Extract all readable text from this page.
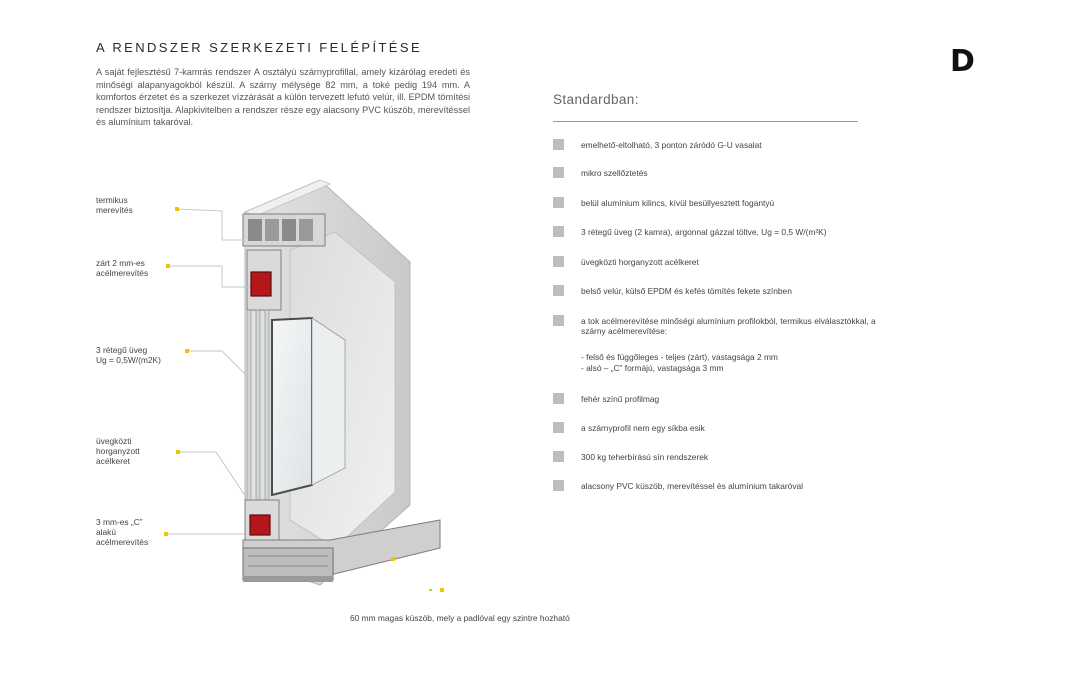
A RENDSZER SZERKEZETI FELÉPÍTÉSE
A saját fejlesztésű 7-kamrás rendszer A osztályú szárnyprofillal, amely kizárólag eredeti és minőségi alapanyagokból készül. A szárny mélysége 82 mm, a toké pedig 194 mm. A komfortos érzetet és a szerkezet vízzárását a külön tervezett lefutó velúr, ill. EPDM tömítési rendszer biztosítja. Alapkivitelben a rendszer része egy alacsony PVC küszöb, merevítéssel és alumínium takaróval.
D
Standardban:
emelhető-eltolható, 3 ponton záródó G-U vasalat
mikro szellőztetés
belül alumínium kilincs, kívül besüllyesztett fogantyú
3 rétegű üveg (2 kamra), argonnal gázzal töltve, Ug = 0,5 W/(m²K)
üvegközti horganyzott acélkeret
belső velúr, külső EPDM és kefés tömítés fekete színben
a tok acélmerevítése minőségi alumínium profilokból, termikus elválasztókkal, a szárny acélmerevítése:
- felső és függőleges - teljes (zárt), vastagsága 2 mm
- alsó – „C” formájú, vastagsága 3 mm
fehér színű profilmag
a szárnyprofil nem egy síkba esik
300 kg teherbírású sín rendszerek
alacsony PVC küszöb, merevítéssel és alumínium takaróval
termikus
merevítés
zárt 2 mm-es
acélmerevítés
3 rétegű üveg
Ug = 0,5W/(m2K)
üvegközti
horganyzott
acélkeret
3 mm-es „C”
alakú
acélmerevítés
60 mm magas küszöb, mely a padlóval egy szintre hozható
